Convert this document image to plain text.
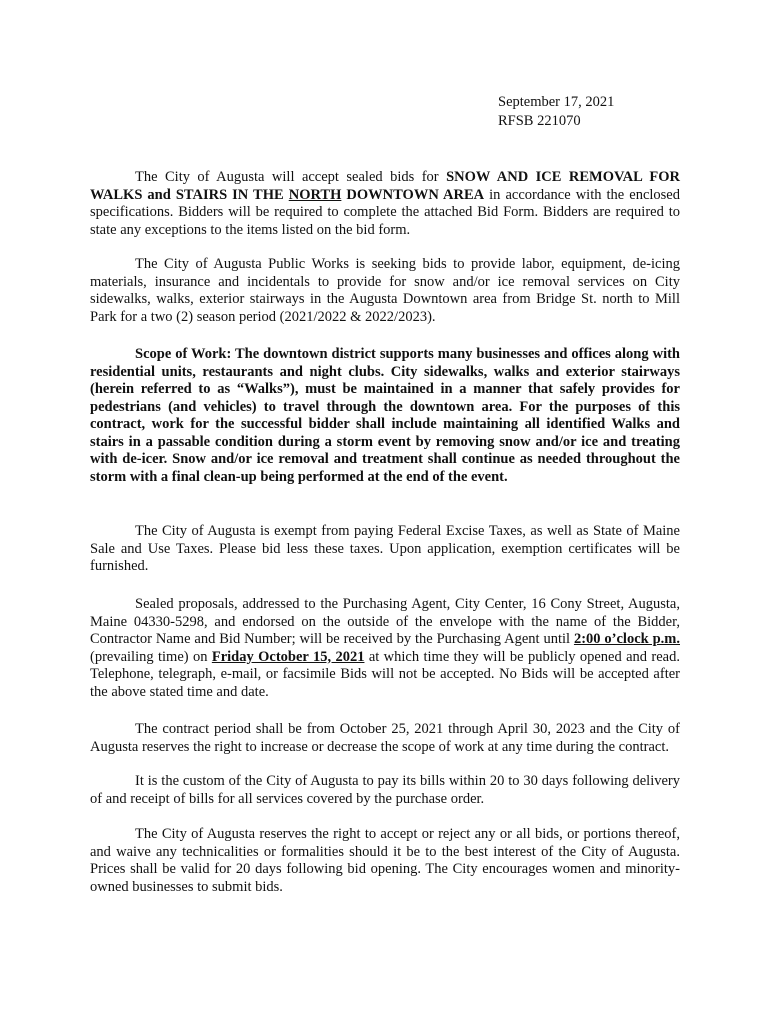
September 17, 2021
RFSB 221070

The City of Augusta will accept sealed bids for SNOW AND ICE REMOVAL FOR WALKS and STAIRS IN THE NORTH DOWNTOWN AREA in accordance with the enclosed specifications. Bidders will be required to complete the attached Bid Form. Bidders are required to state any exceptions to the items listed on the bid form.

The City of Augusta Public Works is seeking bids to provide labor, equipment, de-icing materials, insurance and incidentals to provide for snow and/or ice removal services on City sidewalks, walks, exterior stairways in the Augusta Downtown area from Bridge St. north to Mill Park for a two (2) season period (2021/2022 & 2022/2023).

Scope of Work: The downtown district supports many businesses and offices along with residential units, restaurants and night clubs. City sidewalks, walks and exterior stairways (herein referred to as “Walks”), must be maintained in a manner that safely provides for pedestrians (and vehicles) to travel through the downtown area. For the purposes of this contract, work for the successful bidder shall include maintaining all identified Walks and stairs in a passable condition during a storm event by removing snow and/or ice and treating with de-icer. Snow and/or ice removal and treatment shall continue as needed throughout the storm with a final clean-up being performed at the end of the event.

The City of Augusta is exempt from paying Federal Excise Taxes, as well as State of Maine Sale and Use Taxes. Please bid less these taxes. Upon application, exemption certificates will be furnished.

Sealed proposals, addressed to the Purchasing Agent, City Center, 16 Cony Street, Augusta, Maine 04330-5298, and endorsed on the outside of the envelope with the name of the Bidder, Contractor Name and Bid Number; will be received by the Purchasing Agent until 2:00 o’clock p.m. (prevailing time) on Friday October 15, 2021 at which time they will be publicly opened and read. Telephone, telegraph, e-mail, or facsimile Bids will not be accepted. No Bids will be accepted after the above stated time and date.

The contract period shall be from October 25, 2021 through April 30, 2023 and the City of Augusta reserves the right to increase or decrease the scope of work at any time during the contract.

It is the custom of the City of Augusta to pay its bills within 20 to 30 days following delivery of and receipt of bills for all services covered by the purchase order.

The City of Augusta reserves the right to accept or reject any or all bids, or portions thereof, and waive any technicalities or formalities should it be to the best interest of the City of Augusta. Prices shall be valid for 20 days following bid opening. The City encourages women and minority-owned businesses to submit bids.
